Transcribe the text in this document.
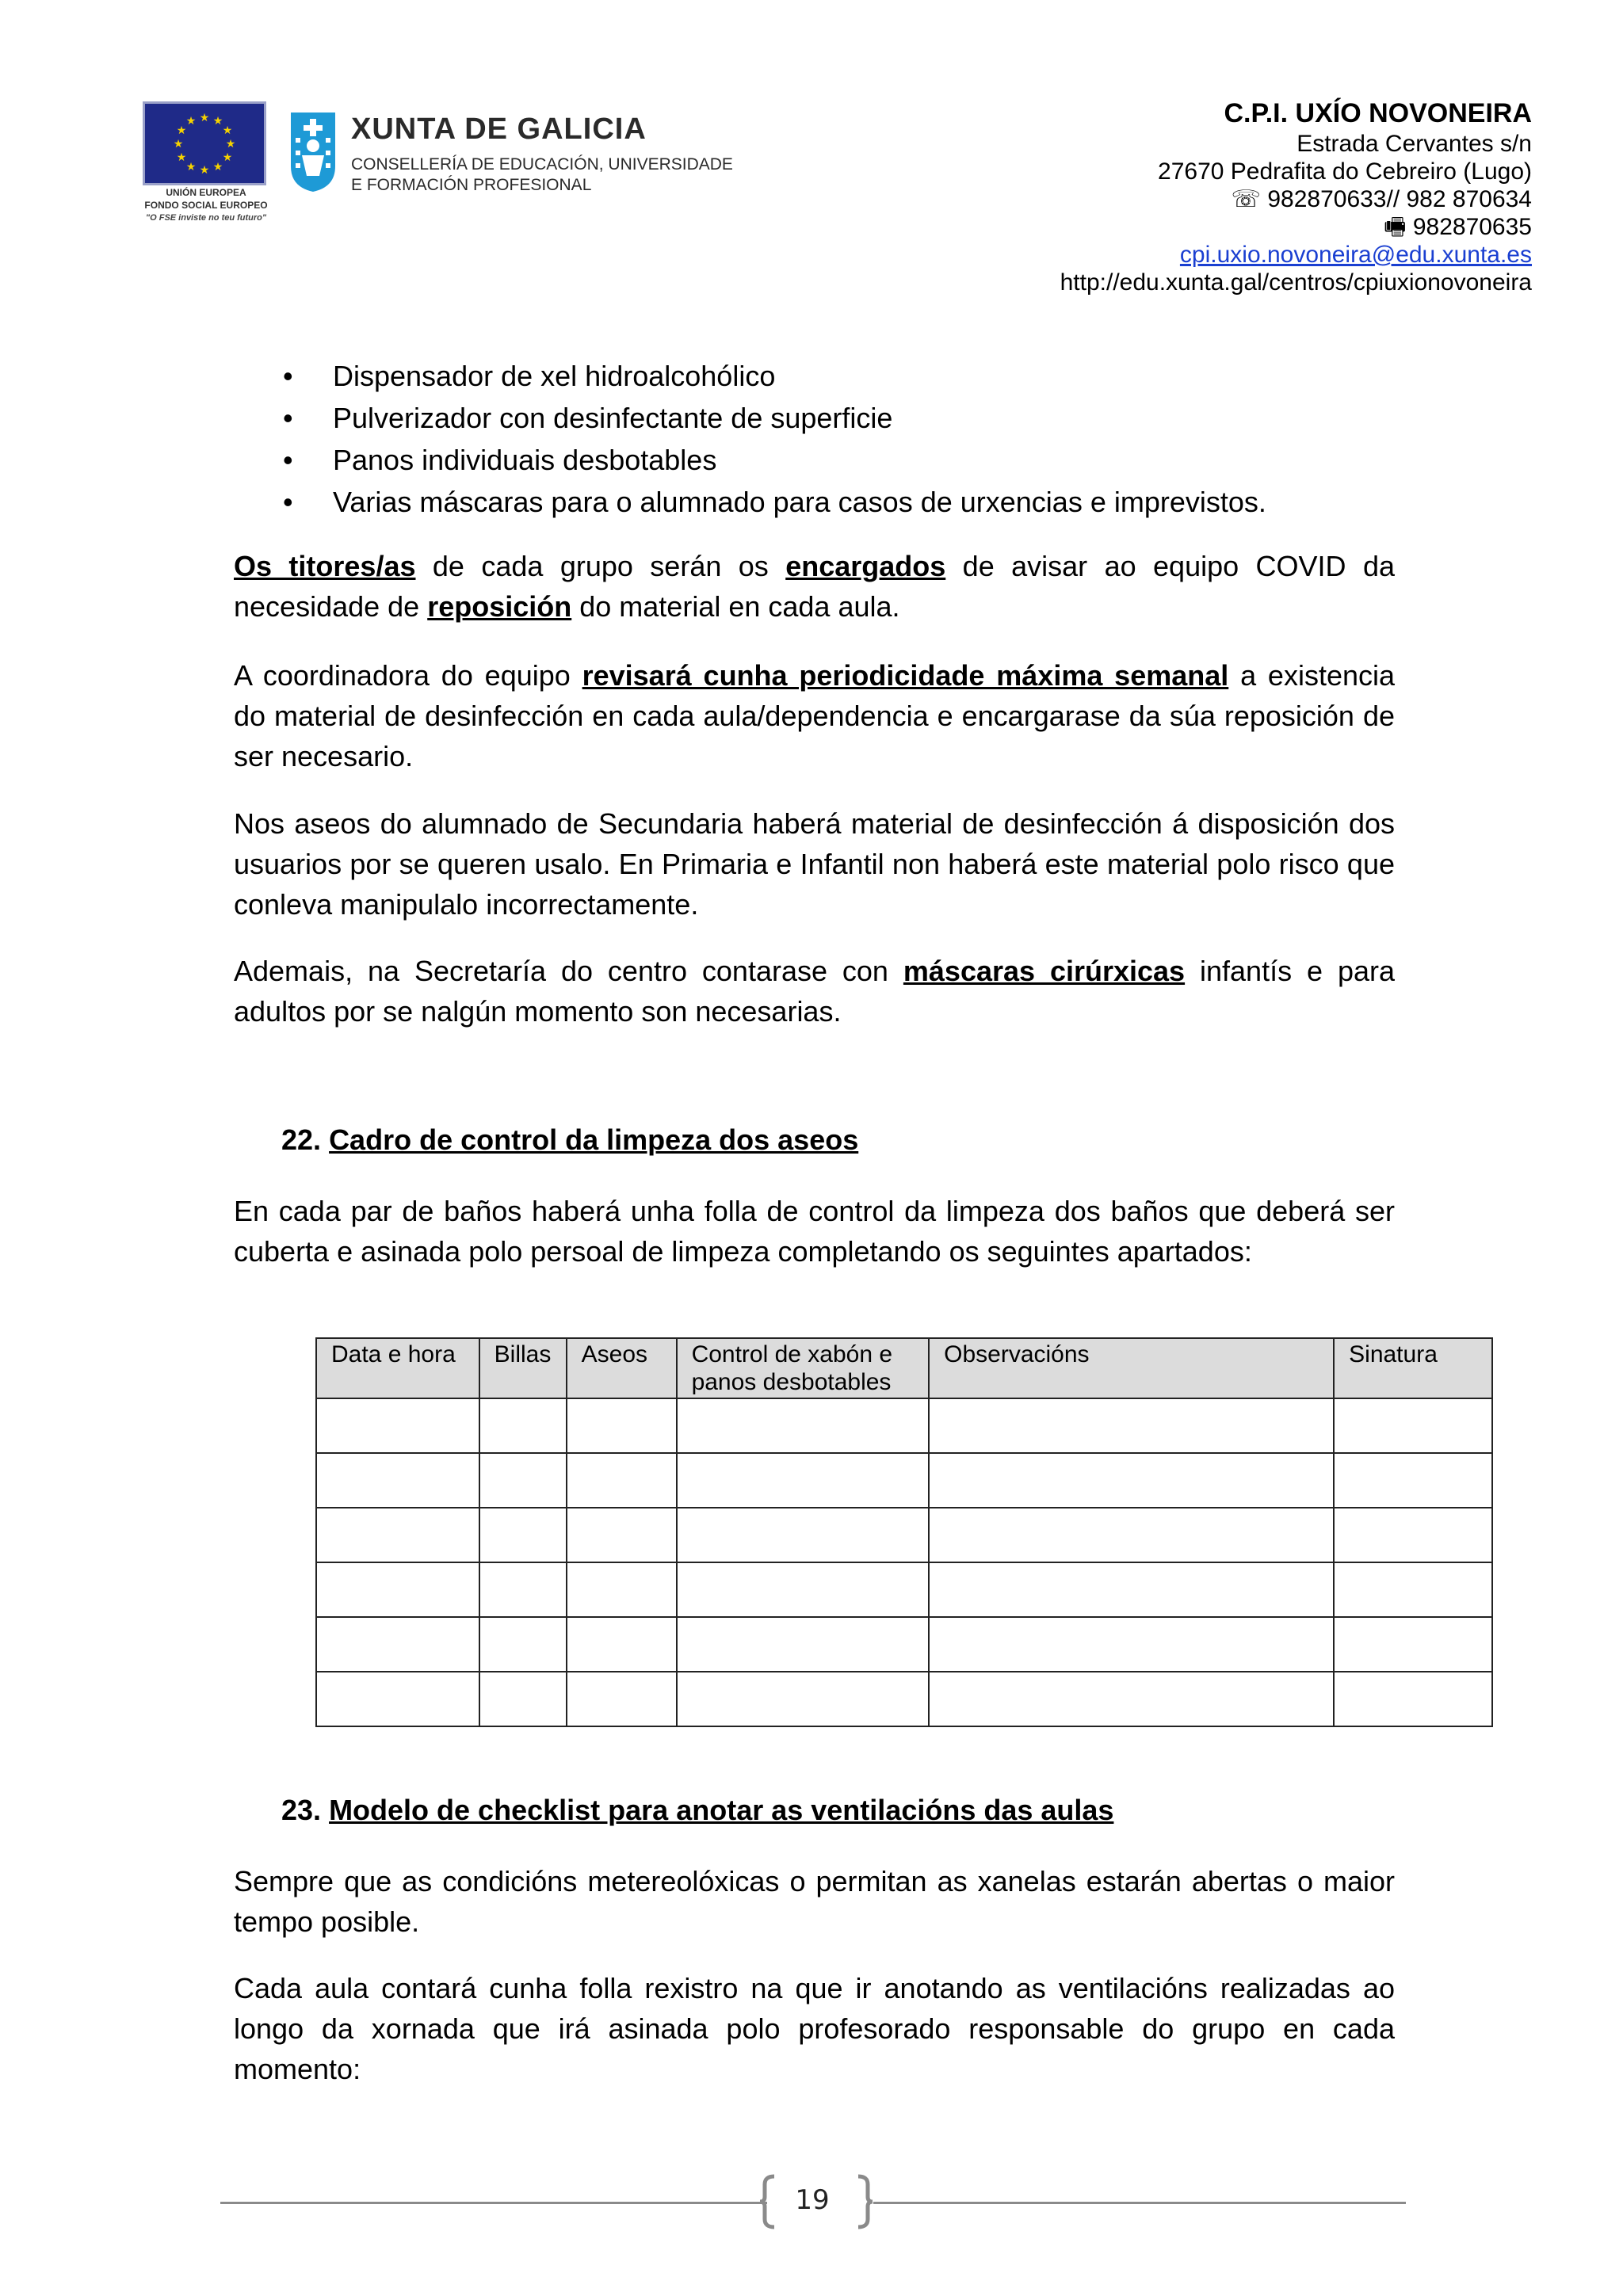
★ ★
★
★
★
★
★
★
★
★
★
★
UNIÓN EUROPEA
FONDO SOCIAL EUROPEO
"O FSE inviste no teu futuro"
XUNTA DE GALICIA
CONSELLERÍA DE EDUCACIÓN, UNIVERSIDADE
E FORMACIÓN PROFESIONAL
C.P.I. UXÍO NOVONEIRA
Estrada Cervantes s/n
27670 Pedrafita do Cebreiro (Lugo)
☏ 982870633// 982 870634
🖷 982870635
cpi.uxio.novoneira@edu.xunta.es
http://edu.xunta.gal/centros/cpiuxionovoneira
• Dispensador de xel hidroalcohólico
• Pulverizador con desinfectante de superficie
• Panos individuais desbotables
• Varias máscaras para o alumnado para casos de urxencias e imprevistos.
Os titores/as de cada grupo serán os encargados de avisar ao equipo COVID da necesidade de reposición do material en cada aula.
A coordinadora do equipo revisará cunha periodicidade máxima semanal a existencia do material de desinfección en cada aula/dependencia e encargarase da súa reposición de ser necesario.
Nos aseos do alumnado de Secundaria haberá material de desinfección á disposición dos usuarios por se queren usalo. En Primaria e Infantil non haberá este material polo risco que conleva manipulalo incorrectamente.
Ademais, na Secretaría do centro contarase con máscaras cirúrxicas infantís e para adultos por se nalgún momento son necesarias.
22. Cadro de control da limpeza dos aseos
En cada par de baños haberá unha folla de control da limpeza dos baños que deberá ser cuberta e asinada polo persoal de limpeza completando os seguintes apartados:
Data e hora	Billas	Aseos	Control de xabón e panos desbotables	Observacións	Sinatura

23. Modelo de checklist para anotar as ventilacións das aulas
Sempre que as condicións metereolóxicas o permitan as xanelas estarán abertas o maior tempo posible.
Cada aula contará cunha folla rexistro na que ir anotando as ventilacións realizadas ao longo da xornada que irá asinada polo profesorado responsable do grupo en cada momento:
19
